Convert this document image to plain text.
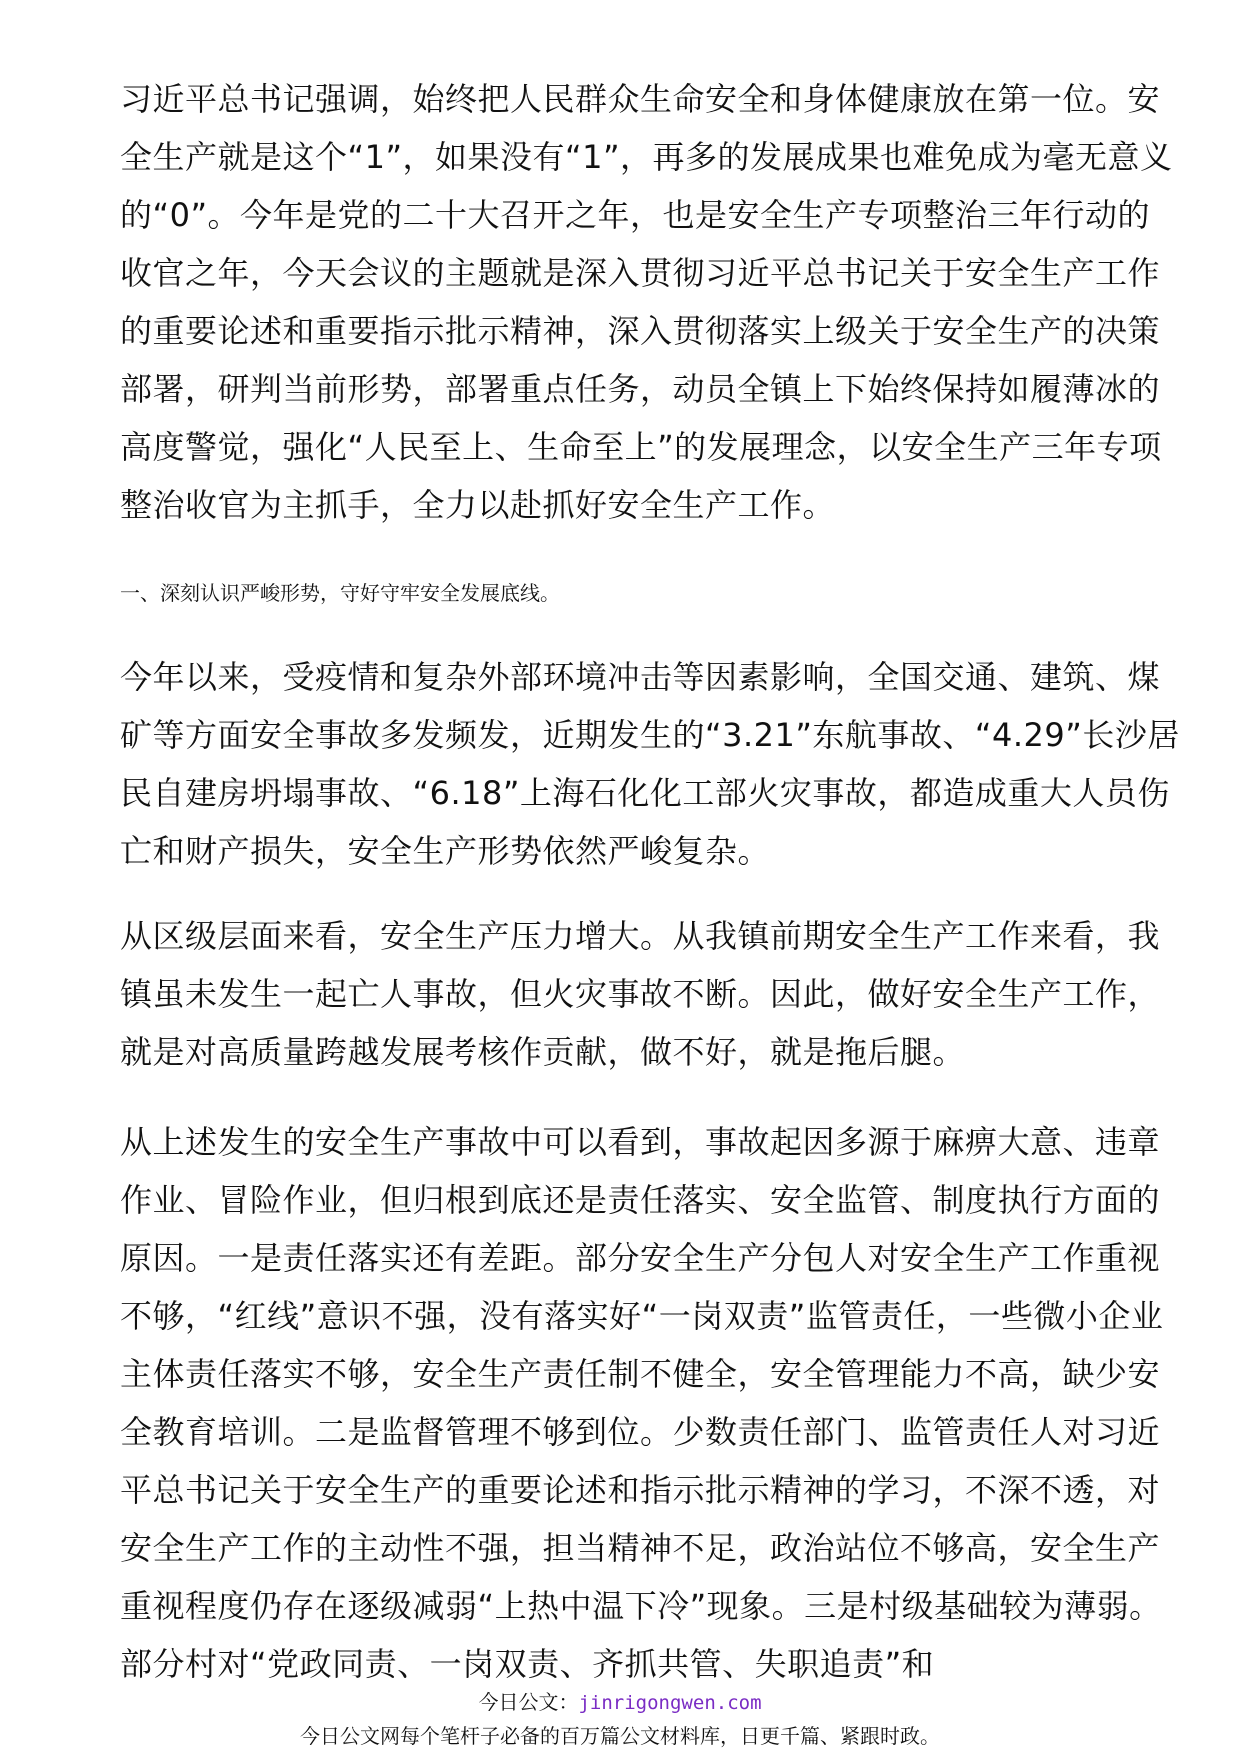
习近平总书记强调，始终把人民群众生命安全和身体健康放在第一位。安全生产就是这个“1”，如果没有“1”，再多的发展成果也难免成为毫无意义的“0”。今年是党的二十大召开之年，也是安全生产专项整治三年行动的收官之年，今天会议的主题就是深入贯彻习近平总书记关于安全生产工作的重要论述和重要指示批示精神，深入贯彻落实上级关于安全生产的决策部署，研判当前形势，部署重点任务，动员全镇上下始终保持如履薄冰的高度警觉，强化“人民至上、生命至上”的发展理念，以安全生产三年专项整治收官为主抓手，全力以赴抓好安全生产工作。

一、深刻认识严峻形势，守好守牢安全发展底线。

今年以来，受疫情和复杂外部环境冲击等因素影响，全国交通、建筑、煤矿等方面安全事故多发频发，近期发生的“3.21”东航事故、“4.29”长沙居民自建房坍塌事故、“6.18”上海石化化工部火灾事故，都造成重大人员伤亡和财产损失，安全生产形势依然严峻复杂。

从区级层面来看，安全生产压力增大。从我镇前期安全生产工作来看，我镇虽未发生一起亡人事故，但火灾事故不断。因此，做好安全生产工作，就是对高质量跨越发展考核作贡献，做不好，就是拖后腿。

从上述发生的安全生产事故中可以看到，事故起因多源于麻痹大意、违章作业、冒险作业，但归根到底还是责任落实、安全监管、制度执行方面的原因。一是责任落实还有差距。部分安全生产分包人对安全生产工作重视不够，“红线”意识不强，没有落实好“一岗双责”监管责任，一些微小企业主体责任落实不够，安全生产责任制不健全，安全管理能力不高，缺少安全教育培训。二是监督管理不够到位。少数责任部门、监管责任人对习近平总书记关于安全生产的重要论述和指示批示精神的学习，不深不透，对安全生产工作的主动性不强，担当精神不足，政治站位不够高，安全生产重视程度仍存在逐级减弱“上热中温下冷”现象。三是村级基础较为薄弱。部分村对“党政同责、一岗双责、齐抓共管、失职追责”和

今日公文：jinrigongwen.com
今日公文网每个笔杆子必备的百万篇公文材料库，日更千篇、紧跟时政。
